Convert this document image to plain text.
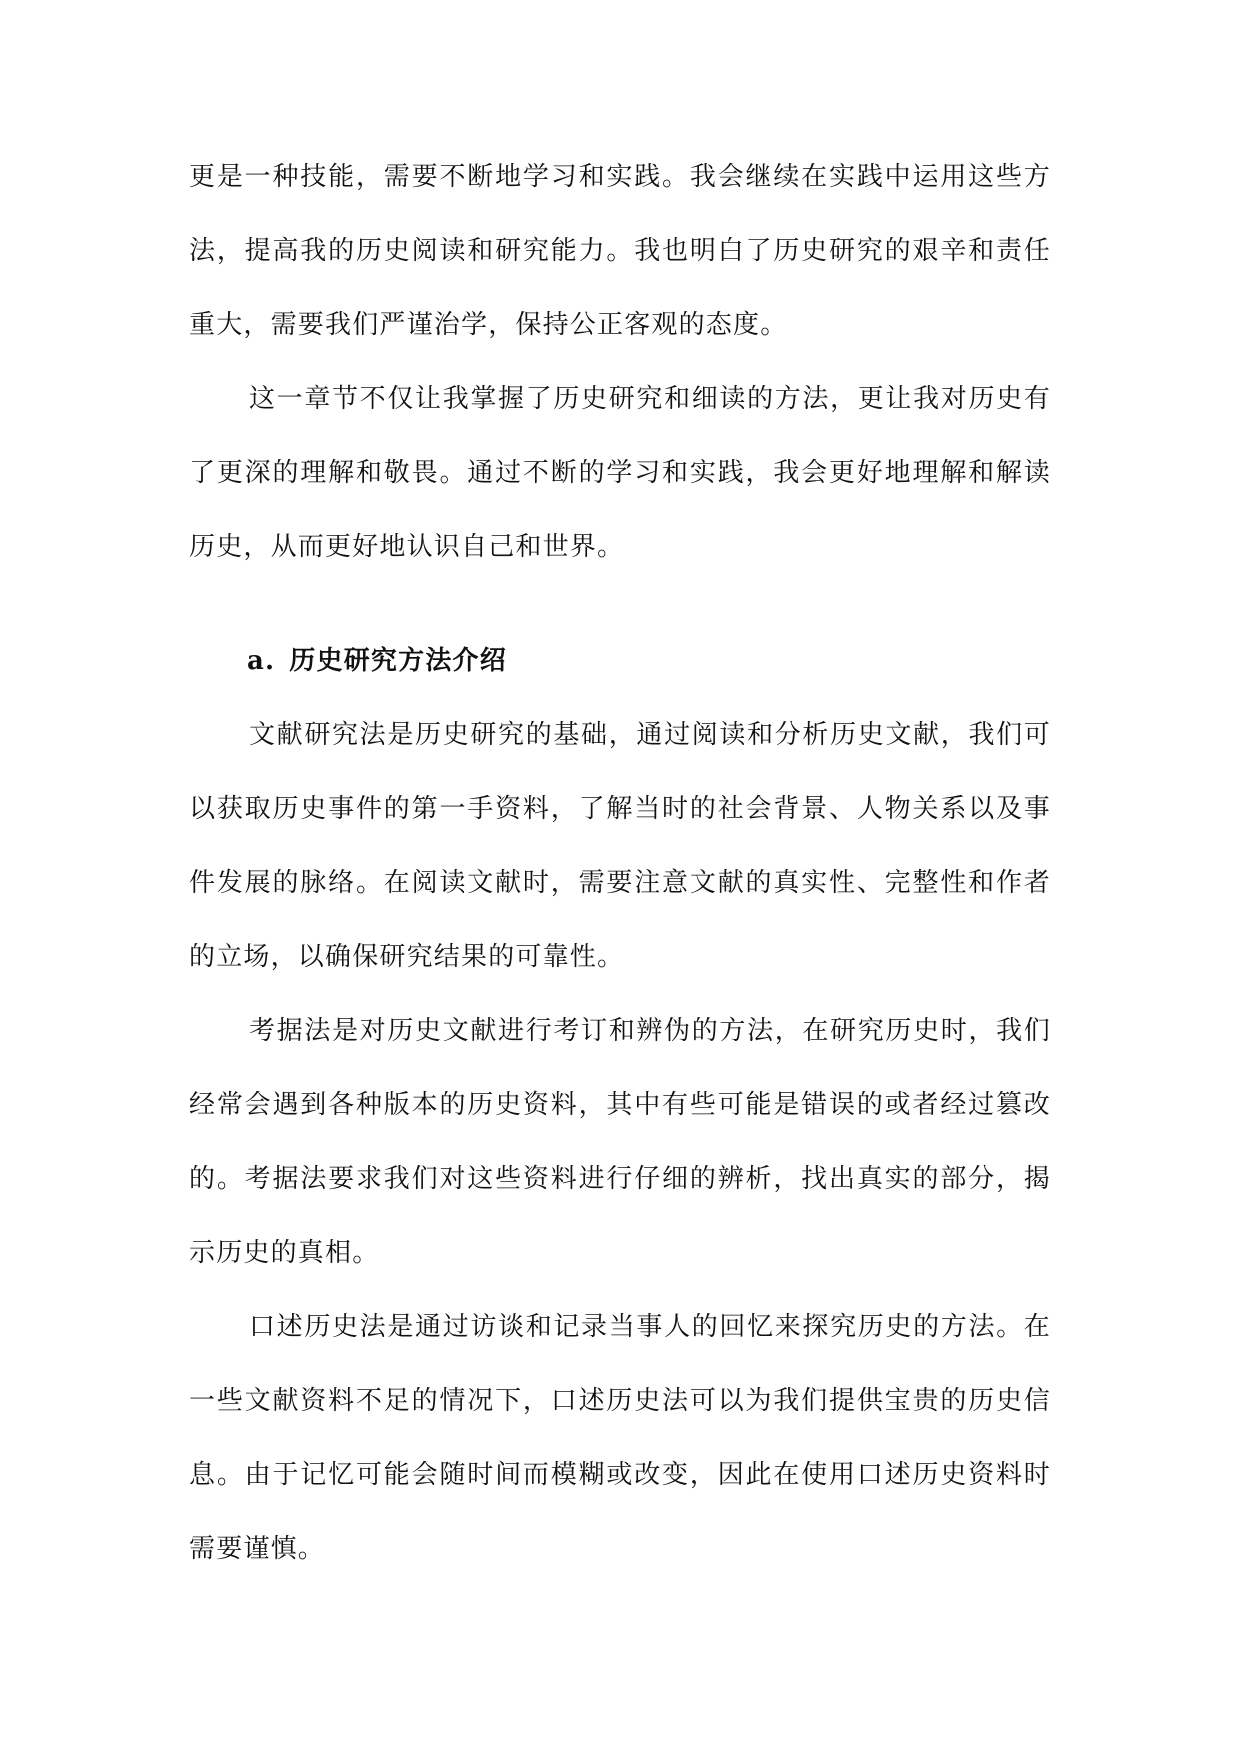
更是一种技能，需要不断地学习和实践。我会继续在实践中运用这些方法，提高我的历史阅读和研究能力。我也明白了历史研究的艰辛和责任重大，需要我们严谨治学，保持公正客观的态度。

这一章节不仅让我掌握了历史研究和细读的方法，更让我对历史有了更深的理解和敬畏。通过不断的学习和实践，我会更好地理解和解读历史，从而更好地认识自己和世界。

a. 历史研究方法介绍

文献研究法是历史研究的基础，通过阅读和分析历史文献，我们可以获取历史事件的第一手资料，了解当时的社会背景、人物关系以及事件发展的脉络。在阅读文献时，需要注意文献的真实性、完整性和作者的立场，以确保研究结果的可靠性。

考据法是对历史文献进行考订和辨伪的方法，在研究历史时，我们经常会遇到各种版本的历史资料，其中有些可能是错误的或者经过篡改的。考据法要求我们对这些资料进行仔细的辨析，找出真实的部分，揭示历史的真相。

口述历史法是通过访谈和记录当事人的回忆来探究历史的方法。在一些文献资料不足的情况下，口述历史法可以为我们提供宝贵的历史信息。由于记忆可能会随时间而模糊或改变，因此在使用口述历史资料时需要谨慎。
